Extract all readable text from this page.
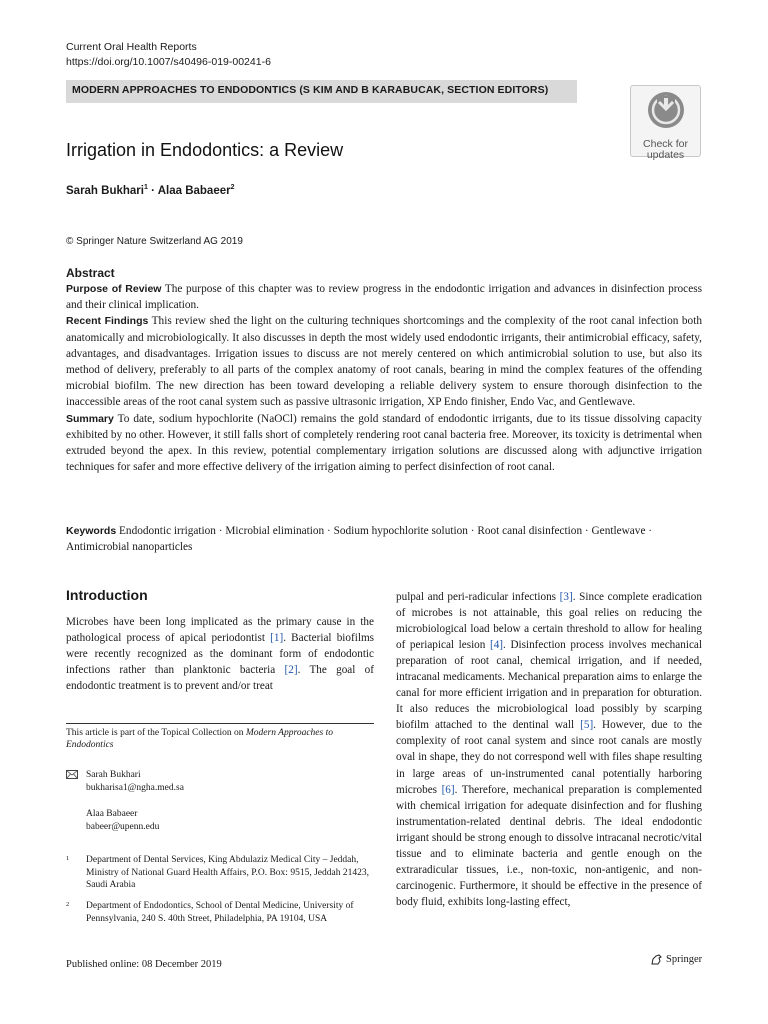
Current Oral Health Reports
https://doi.org/10.1007/s40496-019-00241-6
MODERN APPROACHES TO ENDODONTICS (S KIM AND B KARABUCAK, SECTION EDITORS)
Check for
updates
Irrigation in Endodontics: a Review
Sarah Bukhari$^1$ · Alaa Babaeer$^2$
© Springer Nature Switzerland AG 2019
Abstract

Purpose of Review The purpose of this chapter was to review progress in the endodontic irrigation and advances in disinfection process and their clinical implication.

Recent Findings This review shed the light on the culturing techniques shortcomings and the complexity of the root canal infection both anatomically and microbiologically. It also discusses in depth the most widely used endodontic irrigants, their antimicrobial efficacy, safety, advantages, and disadvantages. Irrigation issues to discuss are not merely centered on which antimicrobial solution to use, but also its method of delivery, preferably to all parts of the complex anatomy of root canals, bearing in mind the complex features of the offending microbial biofilm. The new direction has been toward developing a reliable delivery system to ensure thorough disinfection to the inaccessible areas of the root canal system such as passive ultrasonic irrigation, XP Endo finisher, Endo Vac, and Gentlewave.

Summary To date, sodium hypochlorite (NaOCl) remains the gold standard of endodontic irrigants, due to its tissue dissolving capacity exhibited by no other. However, it still falls short of completely rendering root canal bacteria free. Moreover, its toxicity is detrimental when extruded beyond the apex. In this review, potential complementary irrigation solutions are discussed along with adjunctive irrigation techniques for safer and more effective delivery of the irrigation aiming to perfect disinfection of root canal.

Keywords Endodontic irrigation · Microbial elimination · Sodium hypochlorite solution · Root canal disinfection · Gentlewave · Antimicrobial nanoparticles
Introduction

Microbes have been long implicated as the primary cause in the pathological process of apical periodontist [1]. Bacterial biofilms were recently recognized as the dominant form of endodontic infections rather than planktonic bacteria [2]. The goal of endodontic treatment is to prevent and/or treat

pulpal and peri-radicular infections [3]. Since complete eradication of microbes is not attainable, this goal relies on reducing the microbiological load below a certain threshold to allow for healing of periapical lesion [4]. Disinfection process involves mechanical preparation of root canal, chemical irrigation, and if needed, intracanal medicaments. Mechanical preparation aims to enlarge the canal for more efficient irrigation and in preparation for obturation. It also reduces the microbiological load possibly by scarping biofilm attached to the dentinal wall [5]. However, due to the complexity of root canal system and since root canals are mostly oval in shape, they do not correspond well with files shape resulting in large areas of un-instrumented canal potentially harboring microbes [6]. Therefore, mechanical preparation is complemented with chemical irrigation for adequate disinfection and for flushing instrumentation-related dentinal debris. The ideal endodontic irrigant should be strong enough to dissolve intracanal necrotic/vital tissue and to eliminate bacteria and gentle enough on the extraradicular tissues, i.e., non-toxic, non-antigenic, and non-carcinogenic. Furthermore, it should be effective in the presence of body fluid, exhibits long-lasting effect,

This article is part of the Topical Collection on Modern Approaches to Endodontics
Sarah Bukhari
bukharisa1@ngha.med.sa
Alaa Babaeer
babeer@upenn.edu
1 Department of Dental Services, King Abdulaziz Medical City – Jeddah, Ministry of National Guard Health Affairs, P.O. Box: 9515, Jeddah 21423, Saudi Arabia
2 Department of Endodontics, School of Dental Medicine, University of Pennsylvania, 240 S. 40th Street, Philadelphia, PA 19104, USA
Published online: 08 December 2019	Springer
